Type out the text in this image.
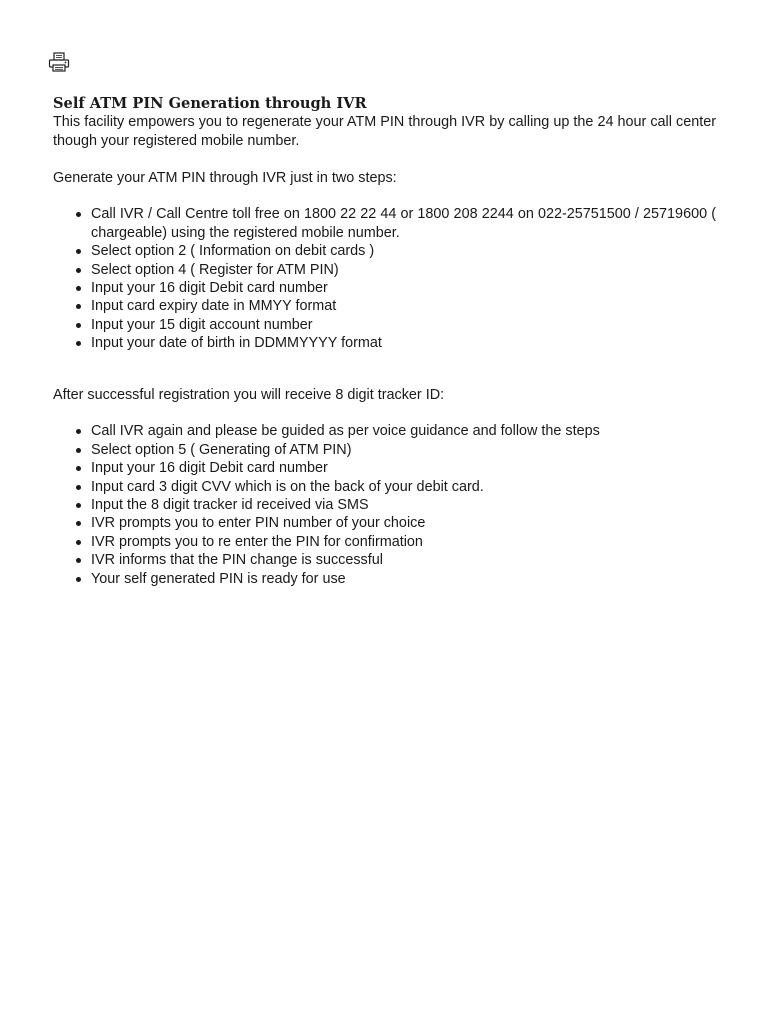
Self ATM PIN Generation through IVR

This facility empowers you to regenerate your ATM PIN through IVR by calling up the 24 hour call center though your registered mobile number.

Generate your ATM PIN through IVR just in two steps:

Call IVR / Call Centre toll free on 1800 22 22 44 or 1800 208 2244 on 022-25751500 / 25719600 ( chargeable) using the registered mobile number.
Select option 2 ( Information on debit cards )
Select option 4 ( Register for ATM PIN)
Input your 16 digit Debit card number
Input card expiry date in MMYY format
Input your 15 digit account number
Input your date of birth in DDMMYYYY format

After successful registration you will receive 8 digit tracker ID:

Call IVR again and please be guided as per voice guidance and follow the steps
Select option 5 ( Generating of ATM PIN)
Input your 16 digit Debit card number
Input card 3 digit CVV which is on the back of your debit card.
Input the 8 digit tracker id received via SMS
IVR prompts you to enter PIN number of your choice
IVR prompts you to re enter the PIN for confirmation
IVR informs that the PIN change is successful
Your self generated PIN is ready for use
